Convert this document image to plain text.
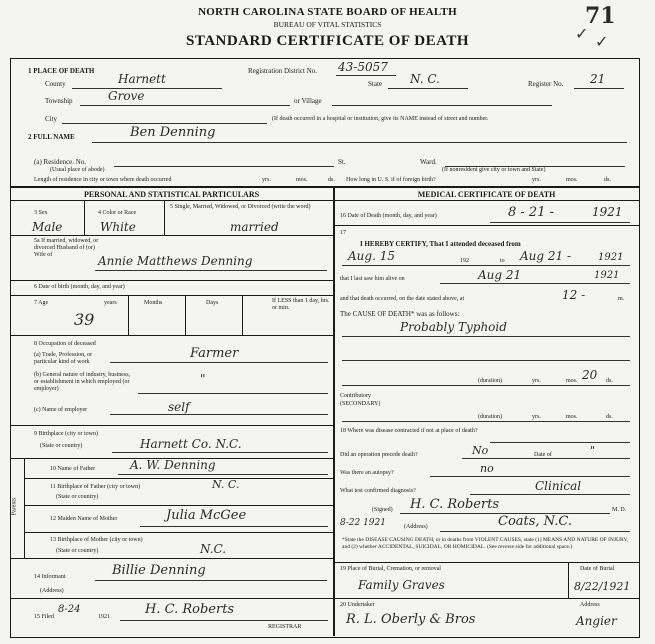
NORTH CAROLINA STATE BOARD OF HEALTH
BUREAU OF VITAL STATISTICS
STANDARD CERTIFICATE OF DEATH
71
✓ ✓
1 PLACE OF DEATH
County	Harnett
Registration District No. 43-5057
State N. C.	Register No. 21
Township	Grove	or Village
City	(If death occurred in a hospital or institution, give its NAME instead of street and number.
2 FULL NAME	Ben Denning
(a) Residence. No.
(Usual place of abode)
St.	Ward.
(If nonresident give city or town and State)
Length of residence in city or town where death occurred	yrs.	mos.	ds. How long in U. S. if of foreign birth?	yrs.	mos.	ds.
PERSONAL AND STATISTICAL PARTICULARS	MEDICAL CERTIFICATE OF DEATH
3 Sex
Male
4 Color or Race
White
5 Single, Married, Widowed, or Divorced (write the word)
married
5a If married, widowed, or divorced Husband of (or) Wife of	Annie Matthews Denning
6 Date of birth (month, day, and year)
7 Age	years	Months	Days	If LESS than 1 day, hrs. or min.
39
8 Occupation of deceased
(a) Trade, Profession, or particular kind of work
Farmer
(b) General nature of industry, business, or establishment in which employed (or employer)
"
(c) Name of employer	self
9 Birthplace (city or town)
(State or country)	Harnett Co. N.C.
Parents
10 Name of Father	A. W. Denning
11 Birthplace of Father (city or town)
(State or country)
N. C.
12 Maiden Name of Mother	Julia McGee
13 Birthplace of Mother (city or town)
(State or country)	N.C.
14 Informant	Billie Denning
(Address)
15 Filed
8-24
1921	H. C. Roberts
REGISTRAR
16 Date of Death (month, day, and year)	8 - 21 -	1921
17
I HEREBY CERTIFY, That I attended deceased from
Aug. 15	192	to Aug 21 -	1921
that I last saw him alive on	Aug 21	1921
and that death occurred, on the date stated above, at	12 -	m.
The CAUSE OF DEATH* was as follows:
Probably Typhoid
(duration)	yrs.	mos. 20 ds.
Contributory
(SECONDARY)
(duration)	yrs.	mos.	ds.
18 Where was disease contracted if not at place of death?
Did an operation precede death?	No	Date of	"
Was there an autopsy?	no
What test confirmed diagnosis?	Clinical
(Signed) H. C. Roberts	M. D.
8-22 1921	(Address)	Coats, N.C.
*State the DISEASE CAUSING DEATH, or in deaths from VIOLENT CAUSES, state (1) MEANS AND NATURE OF INJURY, and (2) whether ACCIDENTAL, SUICIDAL, OR HOMICIDAL. (See reverse side for additional space.)
19 Place of Burial, Cremation, or removal
Family Graves
Date of Burial
8/22/1921
20 Undertaker
R. L. Oberly & Bros
Address
Angier
